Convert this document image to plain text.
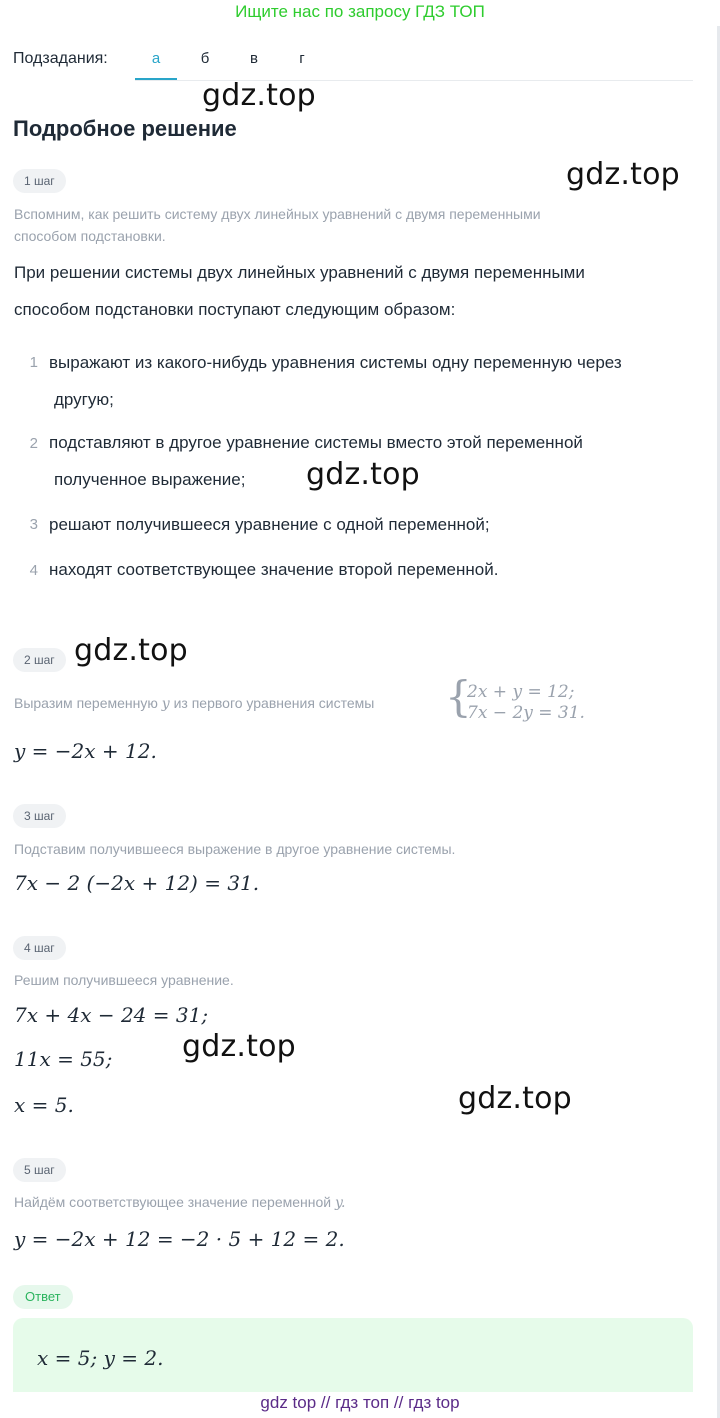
Ищите нас по запросу ГДЗ ТОП
Подзадания:	а	б	в	г
gdz.top
gdz.top
gdz.top
gdz.top
gdz.top
gdz.top
Подробное решение
1 шаг
Вспомним, как решить систему двух линейных уравнений с двумя переменными
способом подстановки.
При решении системы двух линейных уравнений с двумя переменными
способом подстановки поступают следующим образом:
1 выражают из какого-нибудь уравнения системы одну переменную через
другую;
2 подставляют в другое уравнение системы вместо этой переменной
полученное выражение;
3 решают получившееся уравнение с одной переменной;
4 находят соответствующее значение второй переменной.
2 шаг
Выразим переменную y из первого уравнения системы {
2x + y = 12;
7x − 2y = 31.
y = −2x + 12.
3 шаг
Подставим получившееся выражение в другое уравнение системы.
7x − 2 (−2x + 12) = 31.
4 шаг
Решим получившееся уравнение.
7x + 4x − 24 = 31;
11x = 55;
x = 5.
5 шаг
Найдём соответствующее значение переменной y.
y = −2x + 12 = −2 · 5 + 12 = 2.
Ответ
x = 5; y = 2.
gdz top // гдз топ // гдз top
